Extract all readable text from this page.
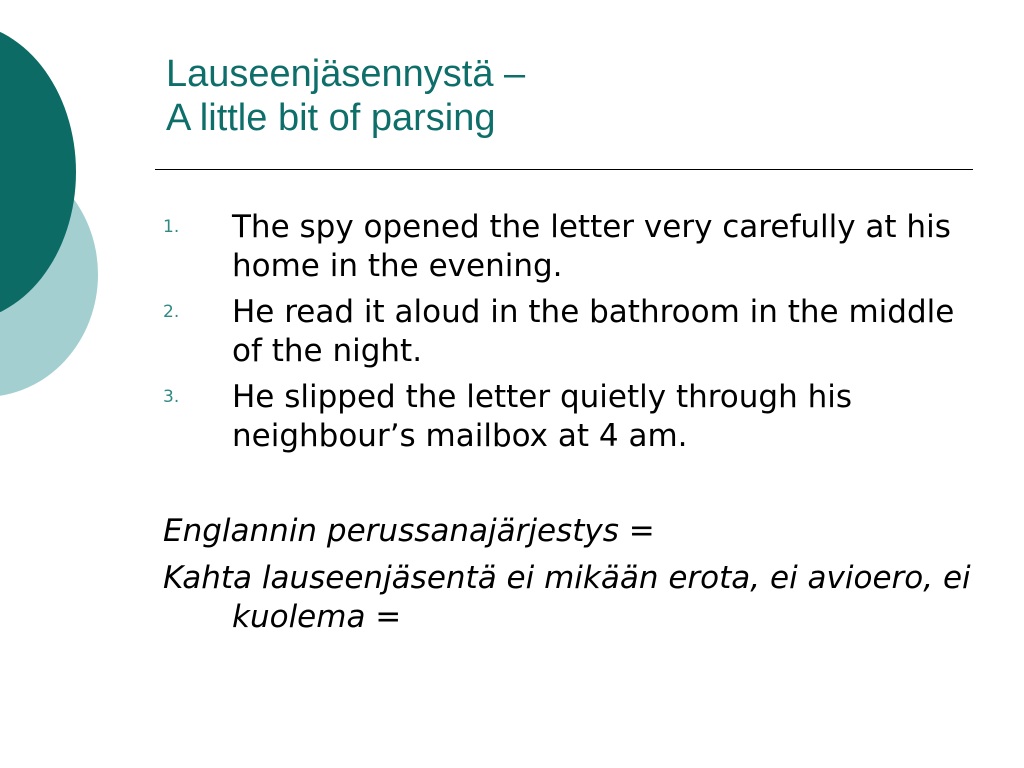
Lauseenjäsennystä –
A little bit of parsing
1. The spy opened the letter very carefully at his home in the evening.
2. He read it aloud in the bathroom in the middle of the night.
3. He slipped the letter quietly through his neighbour’s mailbox at 4 am.

Englannin perussanajärjestys =

Kahta lauseenjäsentä ei mikään erota, ei avioero, ei kuolema =
